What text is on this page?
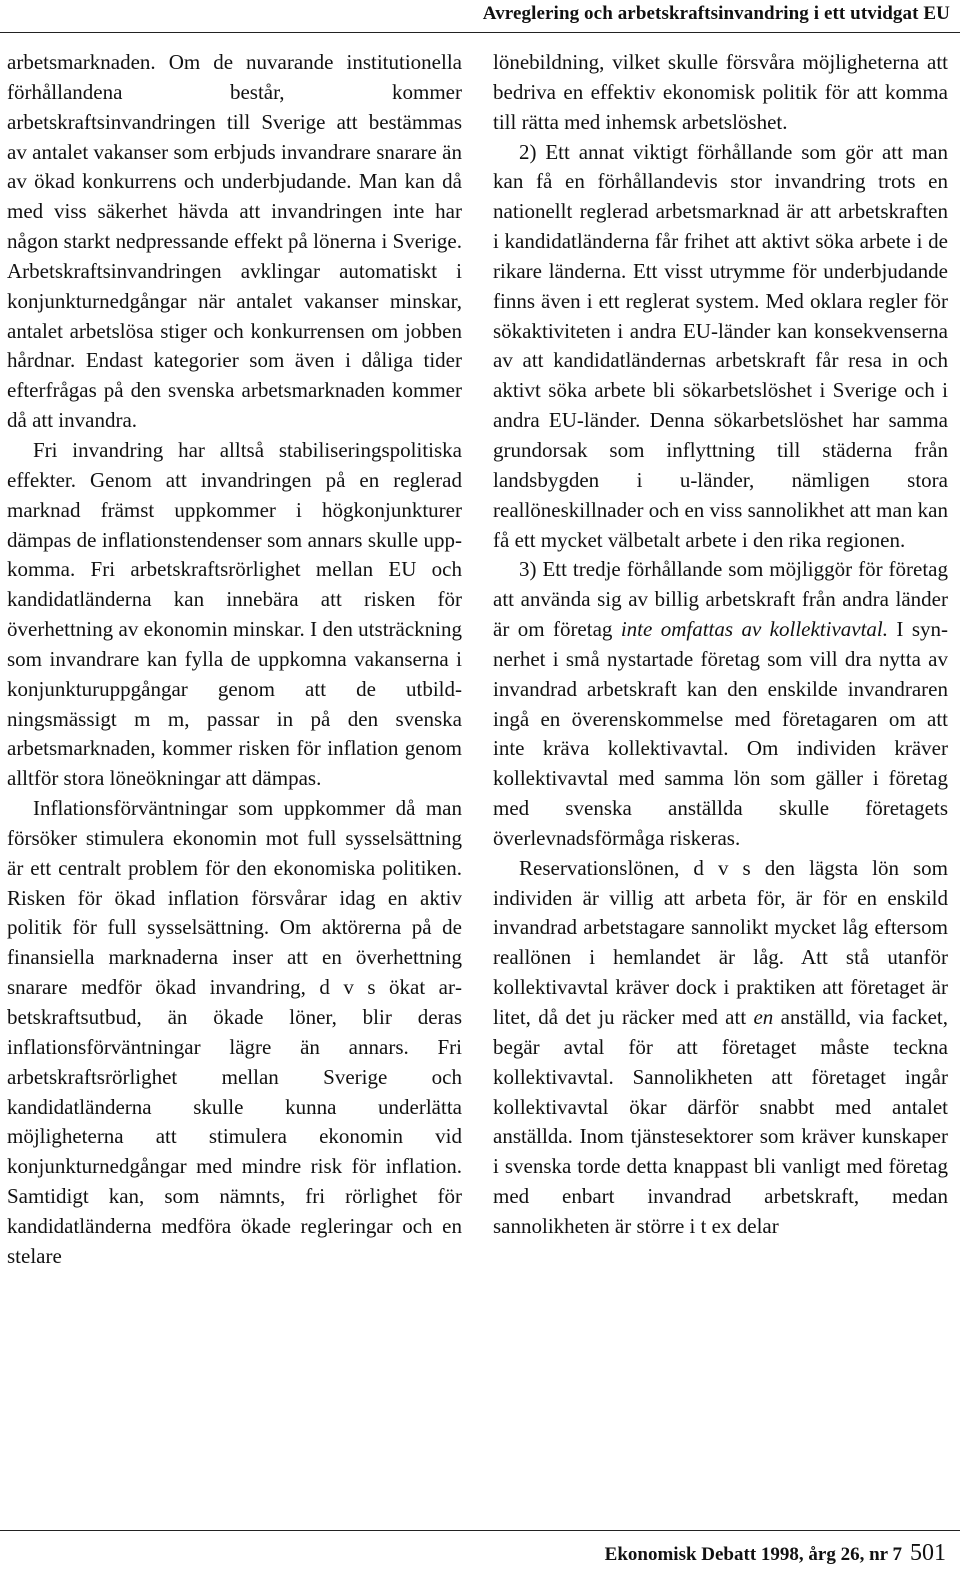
Avreglering och arbetskraftsinvandring i ett utvidgat EU

arbetsmarknaden. Om de nuvarande institutionella förhållandena består, kommer arbetskraftsinvandringen till Sverige att bestämmas av antalet vakanser som erbjuds invandrare snarare än av ökad konkurrens och underbjudande. Man kan då med viss säkerhet hävda att invandringen inte har någon starkt nedpressande effekt på lönerna i Sverige. Arbetskraftsinvandringen avklingar automatiskt i konjunkturnedgångar när antalet vakanser minskar, antalet arbetslösa stiger och konkurrensen om jobben hårdnar. Endast kategorier som även i dåliga tider efterfrågas på den svenska arbetsmarknaden kommer då att invandra.

Fri invandring har alltså stabiliseringspolitiska effekter. Genom att invandringen på en reglerad marknad främst uppkommer i högkonjunkturer dämpas de inflationstendenser som annars skulle uppkomma. Fri arbetskraftsrörlighet mellan EU och kandidatländerna kan innebära att risken för överhettning av ekonomin minskar. I den utsträckning som invandrare kan fylla de uppkomna vakanserna i konjunkturuppgångar genom att de utbildningsmässigt m m, passar in på den svenska arbetsmarknaden, kommer risken för inflation genom alltför stora löneökningar att dämpas.

Inflationsförväntningar som uppkommer då man försöker stimulera ekonomin mot full sysselsättning är ett centralt problem för den ekonomiska politiken. Risken för ökad inflation försvårar idag en aktiv politik för full sysselsättning. Om aktörerna på de finansiella marknaderna inser att en överhettning snarare medför ökad invandring, d v s ökat arbetskraftsutbud, än ökade löner, blir deras inflationsförväntningar lägre än annars. Fri arbetskraftsrörlighet mellan Sverige och kandidatländerna skulle kunna underlätta möjligheterna att stimulera ekonomin vid konjunkturnedgångar med mindre risk för inflation. Samtidigt kan, som nämnts, fri rörlighet för kandidatländerna medföra ökade regleringar och en stelare

lönebildning, vilket skulle försvåra möjligheterna att bedriva en effektiv ekonomisk politik för att komma till rätta med inhemsk arbetslöshet.

2) Ett annat viktigt förhållande som gör att man kan få en förhållandevis stor invandring trots en nationellt reglerad arbetsmarknad är att arbetskraften i kandidatländerna får frihet att aktivt söka arbete i de rikare länderna. Ett visst utrymme för underbjudande finns även i ett reglerat system. Med oklara regler för sökaktiviteten i andra EU-länder kan konsekvenserna av att kandidatländernas arbetskraft får resa in och aktivt söka arbete bli sökarbetslöshet i Sverige och i andra EU-länder. Denna sökarbetslöshet har samma grundorsak som inflyttning till städerna från landsbygden i u-länder, nämligen stora reallöneskillnader och en viss sannolikhet att man kan få ett mycket välbetalt arbete i den rika regionen.

3) Ett tredje förhållande som möjliggör för företag att använda sig av billig arbetskraft från andra länder är om företag inte omfattas av kollektivavtal. I synnerhet i små nystartade företag som vill dra nytta av invandrad arbetskraft kan den enskilde invandraren ingå en överenskommelse med företagaren om att inte kräva kollektivavtal. Om individen kräver kollektivavtal med samma lön som gäller i företag med svenska anställda skulle företagets överlevnadsförmåga riskeras.

Reservationslönen, d v s den lägsta lön som individen är villig att arbeta för, är för en enskild invandrad arbetstagare sannolikt mycket låg eftersom reallönen i hemlandet är låg. Att stå utanför kollektivavtal kräver dock i praktiken att företaget är litet, då det ju räcker med att en anställd, via facket, begär avtal för att företaget måste teckna kollektivavtal. Sannolikheten att företaget ingår kollektivavtal ökar därför snabbt med antalet anställda. Inom tjänstesektorer som kräver kunskaper i svenska torde detta knappast bli vanligt med företag med enbart invandrad arbetskraft, medan sannolikheten är större i t ex delar

Ekonomisk Debatt 1998, årg 26, nr 7 501
